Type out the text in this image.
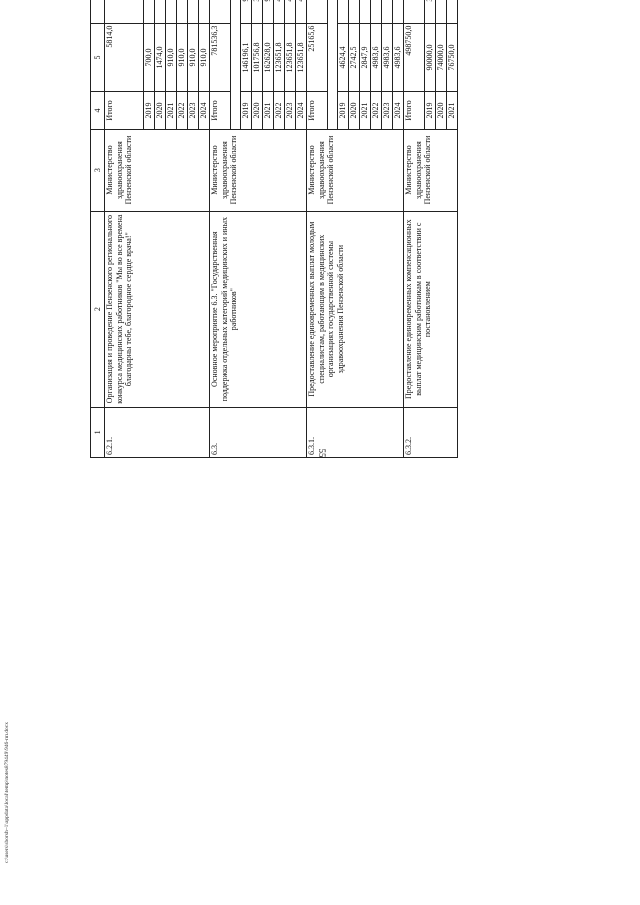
55
1	2	3	4	5						
6.2.1.	Организация и проведение Пензенского регионального конкурса медицинских работников "Мы во все времена благодарны тебе, благородное сердце врача!"	Министерство здравоохранения Пензенской области	Итого	5814,0						
			2019	700,0					
			2020	1474,0					
			2021	910,0					
			2022	910,0					
			2023	910,0					
			2024	910,0					
6.3.	Основное мероприятие 6.3. "Государственная поддержка отдельных категорий медицинских и иных работников"	Министерство здравоохранения Пензенской области	Итого	781536,3						

			2019	146196,1					
			2020	101756,8					
			2021	162628,0					
			2022	123651,8					
			2023	123651,8					
			2024	123651,8					
6.3.1.	Предоставление единовременных выплат молодым специалистам, работающим в медицинских организациях государственной системы здравоохранения Пензенской области	Министерство здравоохранения Пензенской области	Итого	25165,6						

			2019	4624,4					
			2020	2742,5					
			2021	2847,9					
			2022	4983,6					
			2023	4983,6					
			2024	4983,6					
6.3.2.	Предоставление единовременных компенсационных выплат медицинским работникам в соответствии с постановлением	Министерство здравоохранения Пензенской области	Итого	498750,0						
			2019	90000,0					
			2020	74000,0					
			2021	76750,0					
c:\users\sborsh~1\appdata\local\temp\notes879449\946-пп.docx
